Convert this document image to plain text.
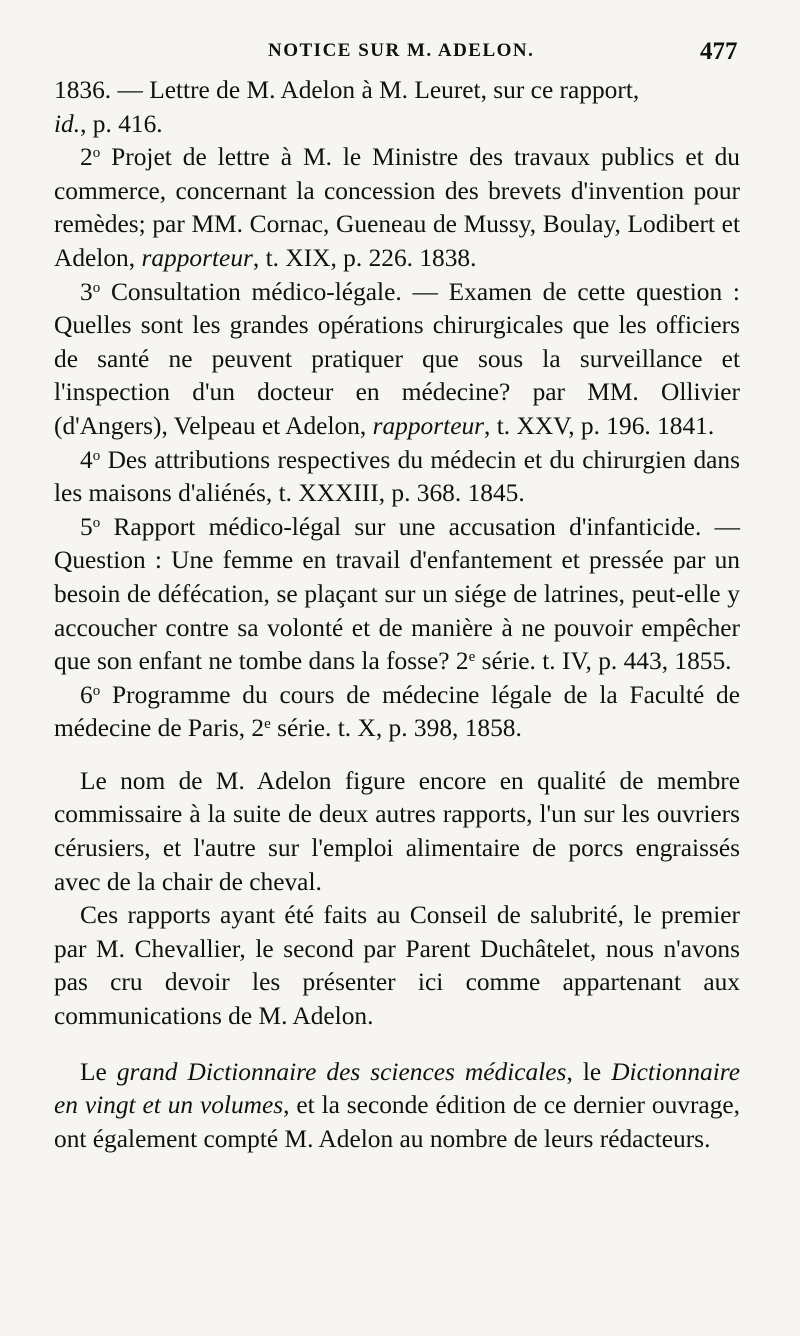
NOTICE SUR M. ADELON.	477

1836. — Lettre de M. Adelon à M. Leuret, sur ce rapport,
id., p. 416.

2$^o$ Projet de lettre à M. le Ministre des travaux publics et du commerce, concernant la concession des brevets d'invention pour remèdes; par MM. Cornac, Gueneau de Mussy, Boulay, Lodibert et Adelon, rapporteur, t. XIX, p. 226. 1838.

3$^o$ Consultation médico-légale. — Examen de cette question : Quelles sont les grandes opérations chirurgicales que les officiers de santé ne peuvent pratiquer que sous la surveillance et l'inspection d'un docteur en médecine? par MM. Ollivier (d'Angers), Velpeau et Adelon, rapporteur, t. XXV, p. 196. 1841.

4$^o$ Des attributions respectives du médecin et du chirurgien dans les maisons d'aliénés, t. XXXIII, p. 368. 1845.

5$^o$ Rapport médico-légal sur une accusation d'infanticide. — Question : Une femme en travail d'enfantement et pressée par un besoin de défécation, se plaçant sur un siége de latrines, peut-elle y accoucher contre sa volonté et de manière à ne pouvoir empêcher que son enfant ne tombe dans la fosse? 2e série. t. IV, p. 443, 1855.

6$^o$ Programme du cours de médecine légale de la Faculté de médecine de Paris, 2e série. t. X, p. 398, 1858.

Le nom de M. Adelon figure encore en qualité de membre commissaire à la suite de deux autres rapports, l'un sur les ouvriers cérusiers, et l'autre sur l'emploi alimentaire de porcs engraissés avec de la chair de cheval.

Ces rapports ayant été faits au Conseil de salubrité, le premier par M. Chevallier, le second par Parent Duchâtelet, nous n'avons pas cru devoir les présenter ici comme appartenant aux communications de M. Adelon.

Le grand Dictionnaire des sciences médicales, le Dictionnaire en vingt et un volumes, et la seconde édition de ce dernier ouvrage, ont également compté M. Adelon au nombre de leurs rédacteurs.
